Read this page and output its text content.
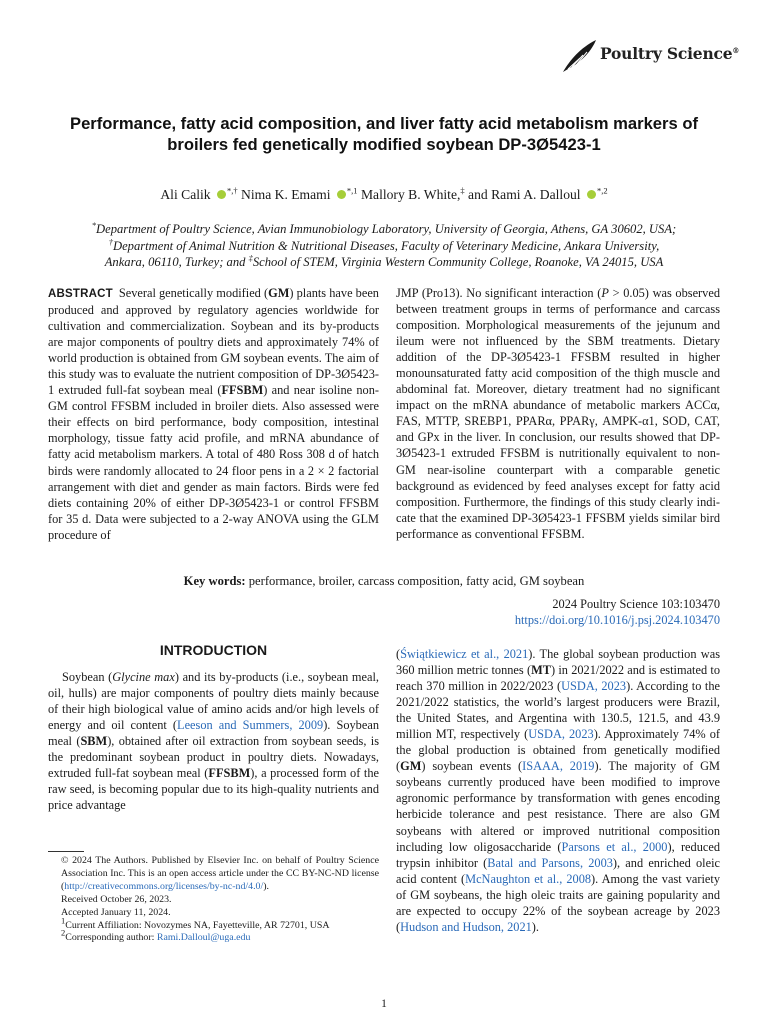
Poultry Science®
Performance, fatty acid composition, and liver fatty acid metabolism markers of broilers fed genetically modified soybean DP-3Ø5423-1
Ali Calik *,† Nima K. Emami $^{*,1}$ Mallory B. White,‡ and Rami A. Dalloul $^{*,2}$
*Department of Poultry Science, Avian Immunobiology Laboratory, University of Georgia, Athens, GA 30602, USA;
†Department of Animal Nutrition & Nutritional Diseases, Faculty of Veterinary Medicine, Ankara University,
Ankara, 06110, Turkey; and ‡School of STEM, Virginia Western Community College, Roanoke, VA 24015, USA

ABSTRACT Several genetically modified (GM) plants have been produced and approved by regulatory agencies worldwide for cultivation and commercialization. Soybean and its by-products are major components of poultry diets and approximately 74% of world production is obtained from GM soybean events. The aim of this study was to evaluate the nutrient composition of DP-3Ø5423-1 extruded full-fat soybean meal (FFSBM) and near isoline non-GM control FFSBM included in broiler diets. Also assessed were their effects on bird performance, body composition, intestinal morphology, tissue fatty acid profile, and mRNA abundance of fatty acid metabolism markers. A total of 480 Ross 308 d of hatch birds were randomly allocated to 24 floor pens in a 2 × 2 factorial arrangement with diet and gender as main factors. Birds were fed diets containing 20% of either DP-3Ø5423-1 or control FFSBM for 35 d. Data were subjected to a 2-way ANOVA using the GLM procedure of

JMP (Pro13). No significant interaction (P > 0.05) was observed between treatment groups in terms of performance and carcass composition. Morphological measurements of the jejunum and ileum were not influenced by the SBM treatments. Dietary addition of the DP-3Ø5423-1 FFSBM resulted in higher monounsaturated fatty acid composition of the thigh muscle and abdominal fat. Moreover, dietary treatment had no significant impact on the mRNA abundance of metabolic markers ACCα, FAS, MTTP, SREBP1, PPARα, PPARγ, AMPK-α1, SOD, CAT, and GPx in the liver. In conclusion, our results showed that DP-3Ø5423-1 extruded FFSBM is nutritionally equivalent to non-GM near-isoline counterpart with a comparable genetic background as evidenced by feed analyses except for fatty acid composition. Furthermore, the findings of this study clearly indicate that the examined DP-3Ø5423-1 FFSBM yields similar bird performance as conventional FFSBM.

Key words: performance, broiler, carcass composition, fatty acid, GM soybean
2024 Poultry Science 103:103470
https://doi.org/10.1016/j.psj.2024.103470
INTRODUCTION

Soybean (Glycine max) and its by-products (i.e., soybean meal, oil, hulls) are major components of poultry diets mainly because of their high biological value of amino acids and/or high levels of energy and oil content (Leeson and Summers, 2009). Soybean meal (SBM), obtained after oil extraction from soybean seeds, is the predominant soybean product in poultry diets. Nowadays, extruded full-fat soybean meal (FFSBM), a processed form of the raw seed, is becoming popular due to its high-quality nutrients and price advantage

(Świątkiewicz et al., 2021). The global soybean production was 360 million metric tonnes (MT) in 2021/2022 and is estimated to reach 370 million in 2022/2023 (USDA, 2023). According to the 2021/2022 statistics, the world’s largest producers were Brazil, the United States, and Argentina with 130.5, 121.5, and 43.9 million MT, respectively (USDA, 2023). Approximately 74% of the global production is obtained from genetically modified (GM) soybean events (ISAAA, 2019). The majority of GM soybeans currently produced have been modified to improve agronomic performance by transformation with genes encoding herbicide tolerance and pest resistance. There are also GM soybeans with altered or improved nutritional composition including low oligosaccharide (Parsons et al., 2000), reduced trypsin inhibitor (Batal and Parsons, 2003), and enriched oleic acid content (McNaughton et al., 2008). Among the vast variety of GM soybeans, the high oleic traits are gaining popularity and are expected to occupy 22% of the soybean acreage by 2023 (Hudson and Hudson, 2021).

© 2024 The Authors. Published by Elsevier Inc. on behalf of Poultry Science Association Inc. This is an open access article under the CC BY-NC-ND license (http://creativecommons.org/licenses/by-nc-nd/4.0/).

Received October 26, 2023.

Accepted January 11, 2024.

1Current Affiliation: Novozymes NA, Fayetteville, AR 72701, USA

2Corresponding author: Rami.Dalloul@uga.edu

1
